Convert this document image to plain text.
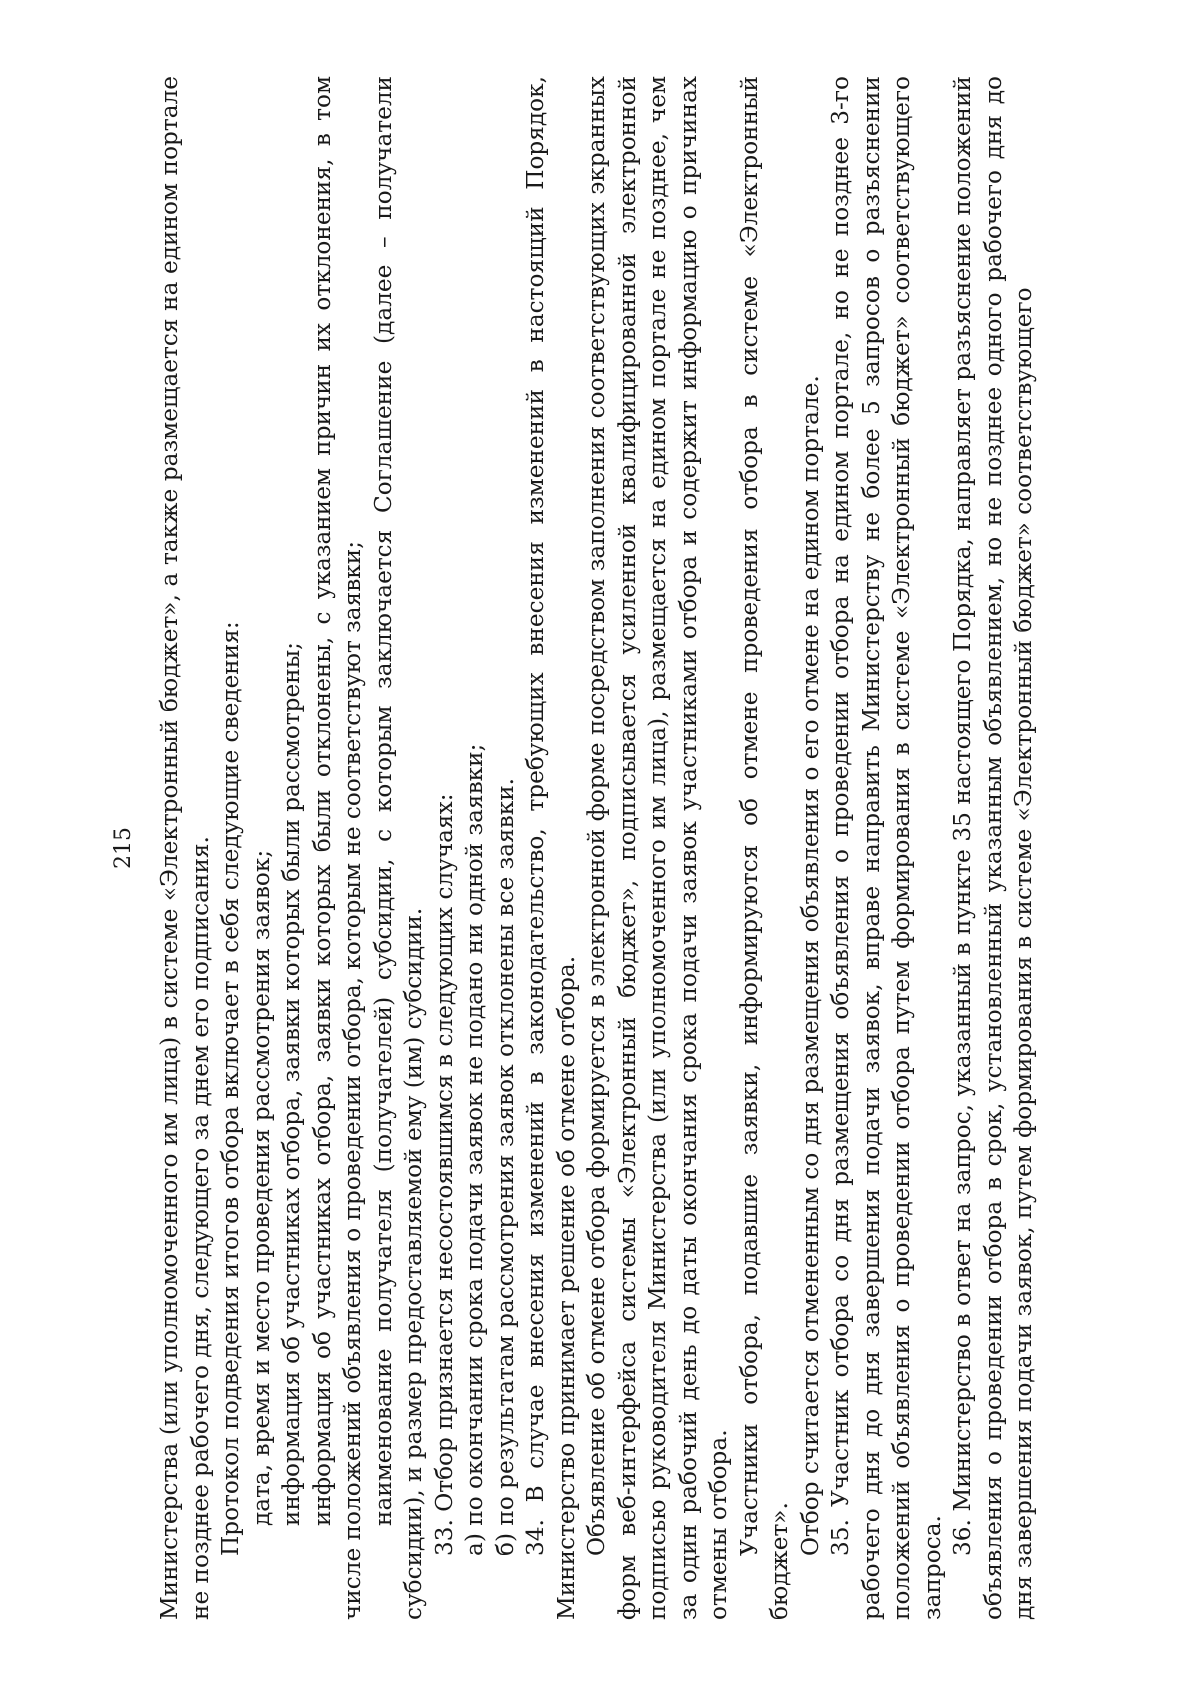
215 Министерства (или уполномоченного им лица) в системе «Электронный бюджет», а также размещается на едином портале не позднее рабочего дня, следующего за днем его подписания. Протокол подведения итогов отбора включает в себя следующие сведения: дата, время и место проведения рассмотрения заявок; информация об участниках отбора, заявки которых были рассмотрены; информация об участниках отбора, заявки которых были отклонены, с указанием причин их отклонения, в том числе положений объявления о проведении отбора, которым не соответствуют заявки; наименование получателя (получателей) субсидии, с которым заключается Соглашение (далее – получатели субсидии), и размер предоставляемой ему (им) субсидии. 33. Отбор признается несостоявшимся в следующих случаях: а) по окончании срока подачи заявок не подано ни одной заявки; б) по результатам рассмотрения заявок отклонены все заявки. 34. В случае внесения изменений в законодательство, требующих внесения изменений в настоящий Порядок, Министерство принимает решение об отмене отбора. Объявление об отмене отбора формируется в электронной форме посредством заполнения соответствующих экранных форм веб-интерфейса системы «Электронный бюджет», подписывается усиленной квалифицированной электронной подписью руководителя Министерства (или уполномоченного им лица), размещается на едином портале не позднее, чем за один рабочий день до даты окончания срока подачи заявок участниками отбора и содержит информацию о причинах отмены отбора. Участники отбора, подавшие заявки, информируются об отмене проведения отбора в системе «Электронный бюджет».

Отбор считается отмененным со дня размещения объявления о его отмене на едином портале. 35. Участник отбора со дня размещения объявления о проведении отбора на едином портале, но не позднее 3-го рабочего дня до дня завершения подачи заявок, вправе направить Министерству не более 5 запросов о разъяснении положений объявления о проведении отбора путем формирования в системе «Электронный бюджет» соответствующего запроса.

36. Министерство в ответ на запрос, указанный в пункте 35 настоящего Порядка, направляет разъяснение положений объявления о проведении отбора в срок, установленный указанным объявлением, но не позднее одного рабочего дня до дня завершения подачи заявок, путем формирования в системе «Электронный бюджет» соответствующего
